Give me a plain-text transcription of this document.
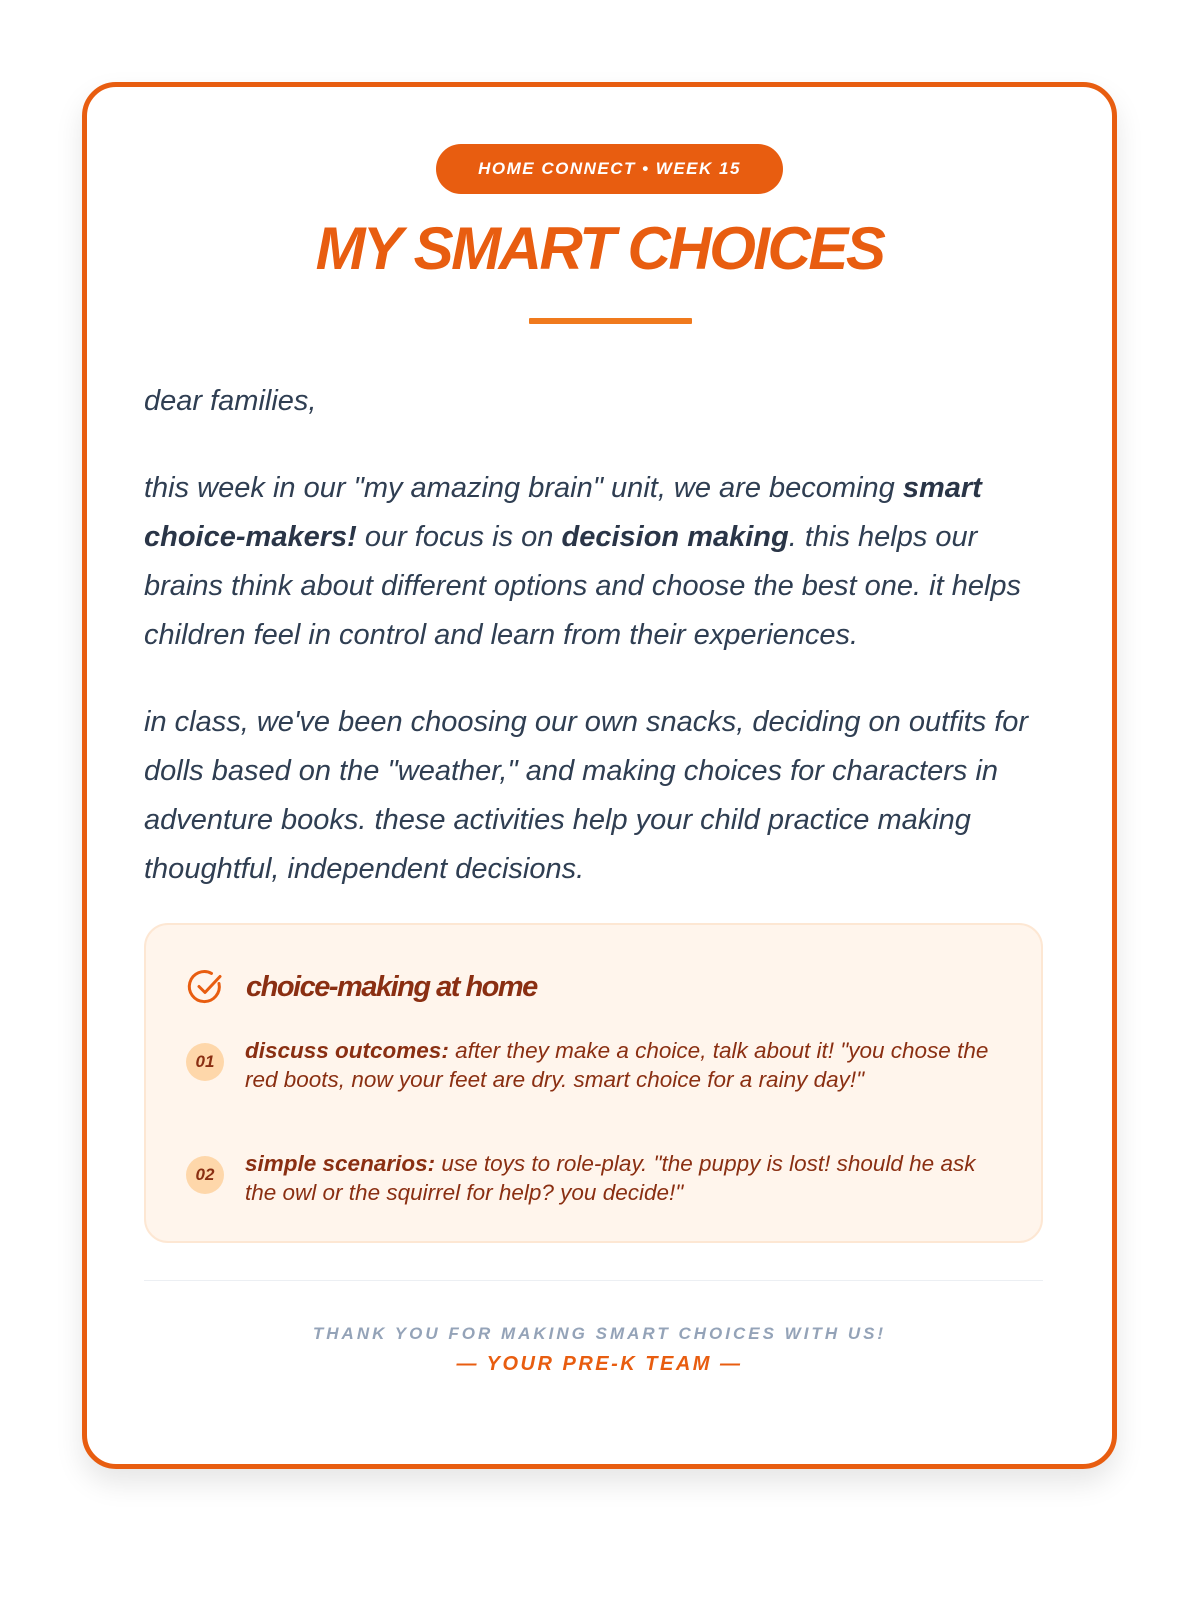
HOME CONNECT • WEEK 15
MY SMART CHOICES

dear families,

this week in our "my amazing brain" unit, we are becoming smart choice-makers! our focus is on decision making. this helps our brains think about different options and choose the best one. it helps children feel in control and learn from their experiences.

in class, we've been choosing our own snacks, deciding on outfits for dolls based on the "weather," and making choices for characters in adventure books. these activities help your child practice making thoughtful, independent decisions.

choice-making at home
01	discuss outcomes: after they make a choice, talk about it! "you chose the red boots, now your feet are dry. smart choice for a rainy day!"
02	simple scenarios: use toys to role-play. "the puppy is lost! should he ask the owl or the squirrel for help? you decide!"
THANK YOU FOR MAKING SMART CHOICES WITH US!
— YOUR PRE-K TEAM —
